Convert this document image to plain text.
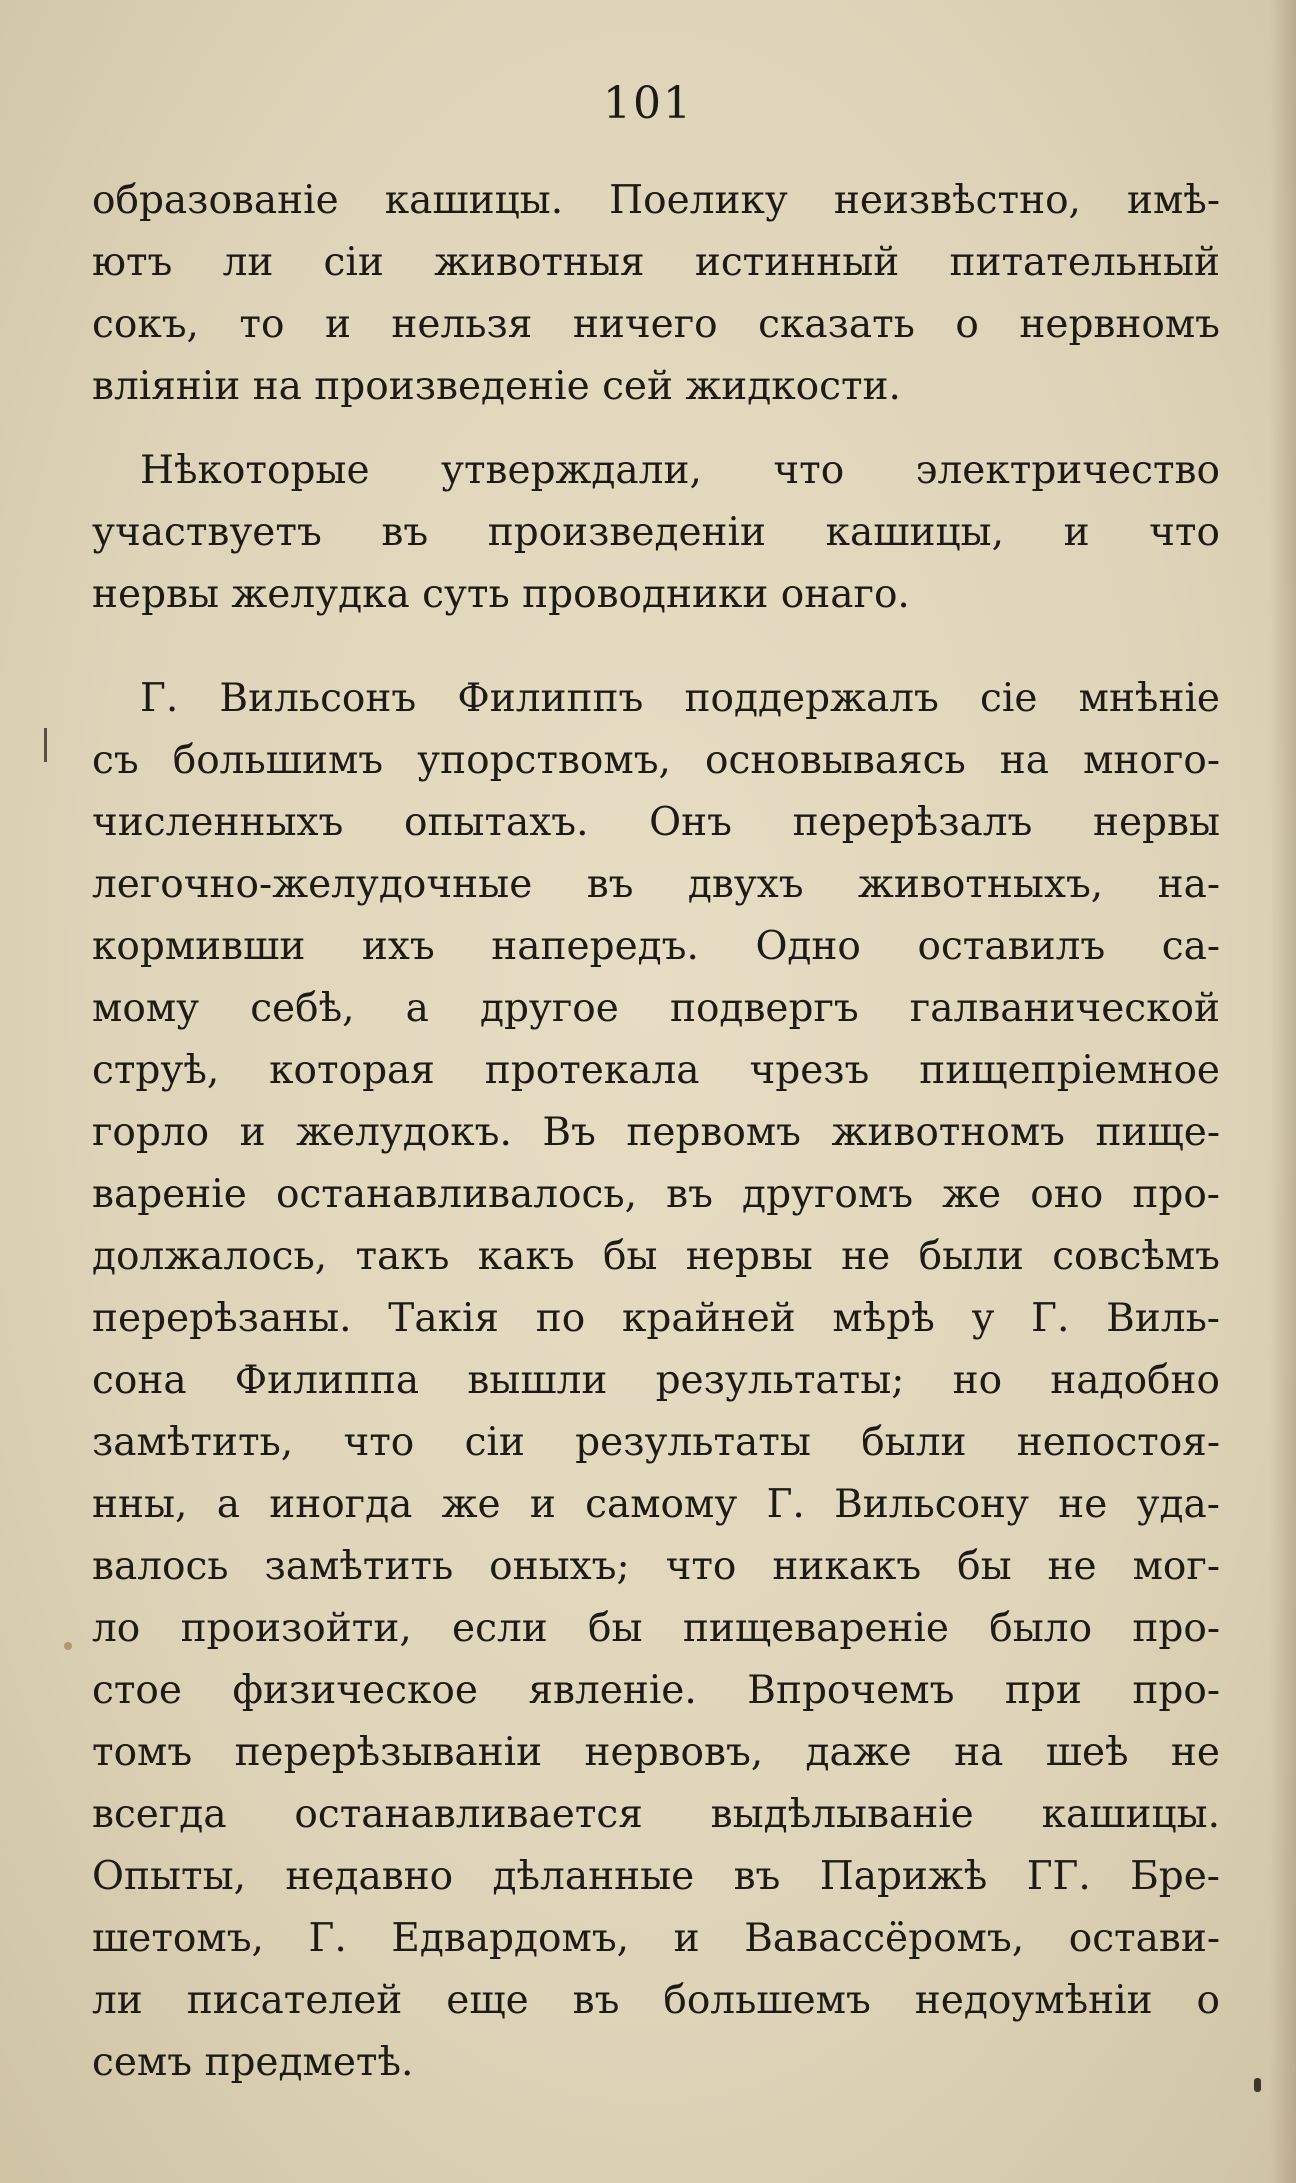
101
образованіе кашицы. Поелику неизвѣстно, имѣ-
ютъ ли сіи животныя истинный питательный
сокъ, то и нельзя ничего сказать о нервномъ
вліяніи на произведеніе сей жидкости.
Нѣкоторые утверждали, что электричество
участвуетъ въ произведеніи кашицы, и что
нервы желудка суть проводники онаго.
Г. Вильсонъ Филиппъ поддержалъ сіе мнѣніе
съ большимъ упорствомъ, основываясь на много-
численныхъ опытахъ. Онъ перерѣзалъ нервы
легочно-желудочные въ двухъ животныхъ, на-
кормивши ихъ напередъ. Одно оставилъ са-
мому себѣ, а другое подвергъ галванической
струѣ, которая протекала чрезъ пищепріемное
горло и желудокъ. Въ первомъ животномъ пище-
вареніе останавливалось, въ другомъ же оно про-
должалось, такъ какъ бы нервы не были совсѣмъ
перерѣзаны. Такія по крайней мѣрѣ у Г. Виль-
сона Филиппа вышли результаты; но надобно
замѣтить, что сіи результаты были непостоя-
нны, а иногда же и самому Г. Вильсону не уда-
валось замѣтить оныхъ; что никакъ бы не мог-
ло произойти, если бы пищевареніе было про-
стое физическое явленіе. Впрочемъ при про-
томъ перерѣзываніи нервовъ, даже на шеѣ не
всегда останавливается выдѣлываніе кашицы.
Опыты, недавно дѣланные въ Парижѣ ГГ. Бре-
шетомъ, Г. Едвардомъ, и Вавассёромъ, остави-
ли писателей еще въ большемъ недоумѣніи о
семъ предметѣ.
